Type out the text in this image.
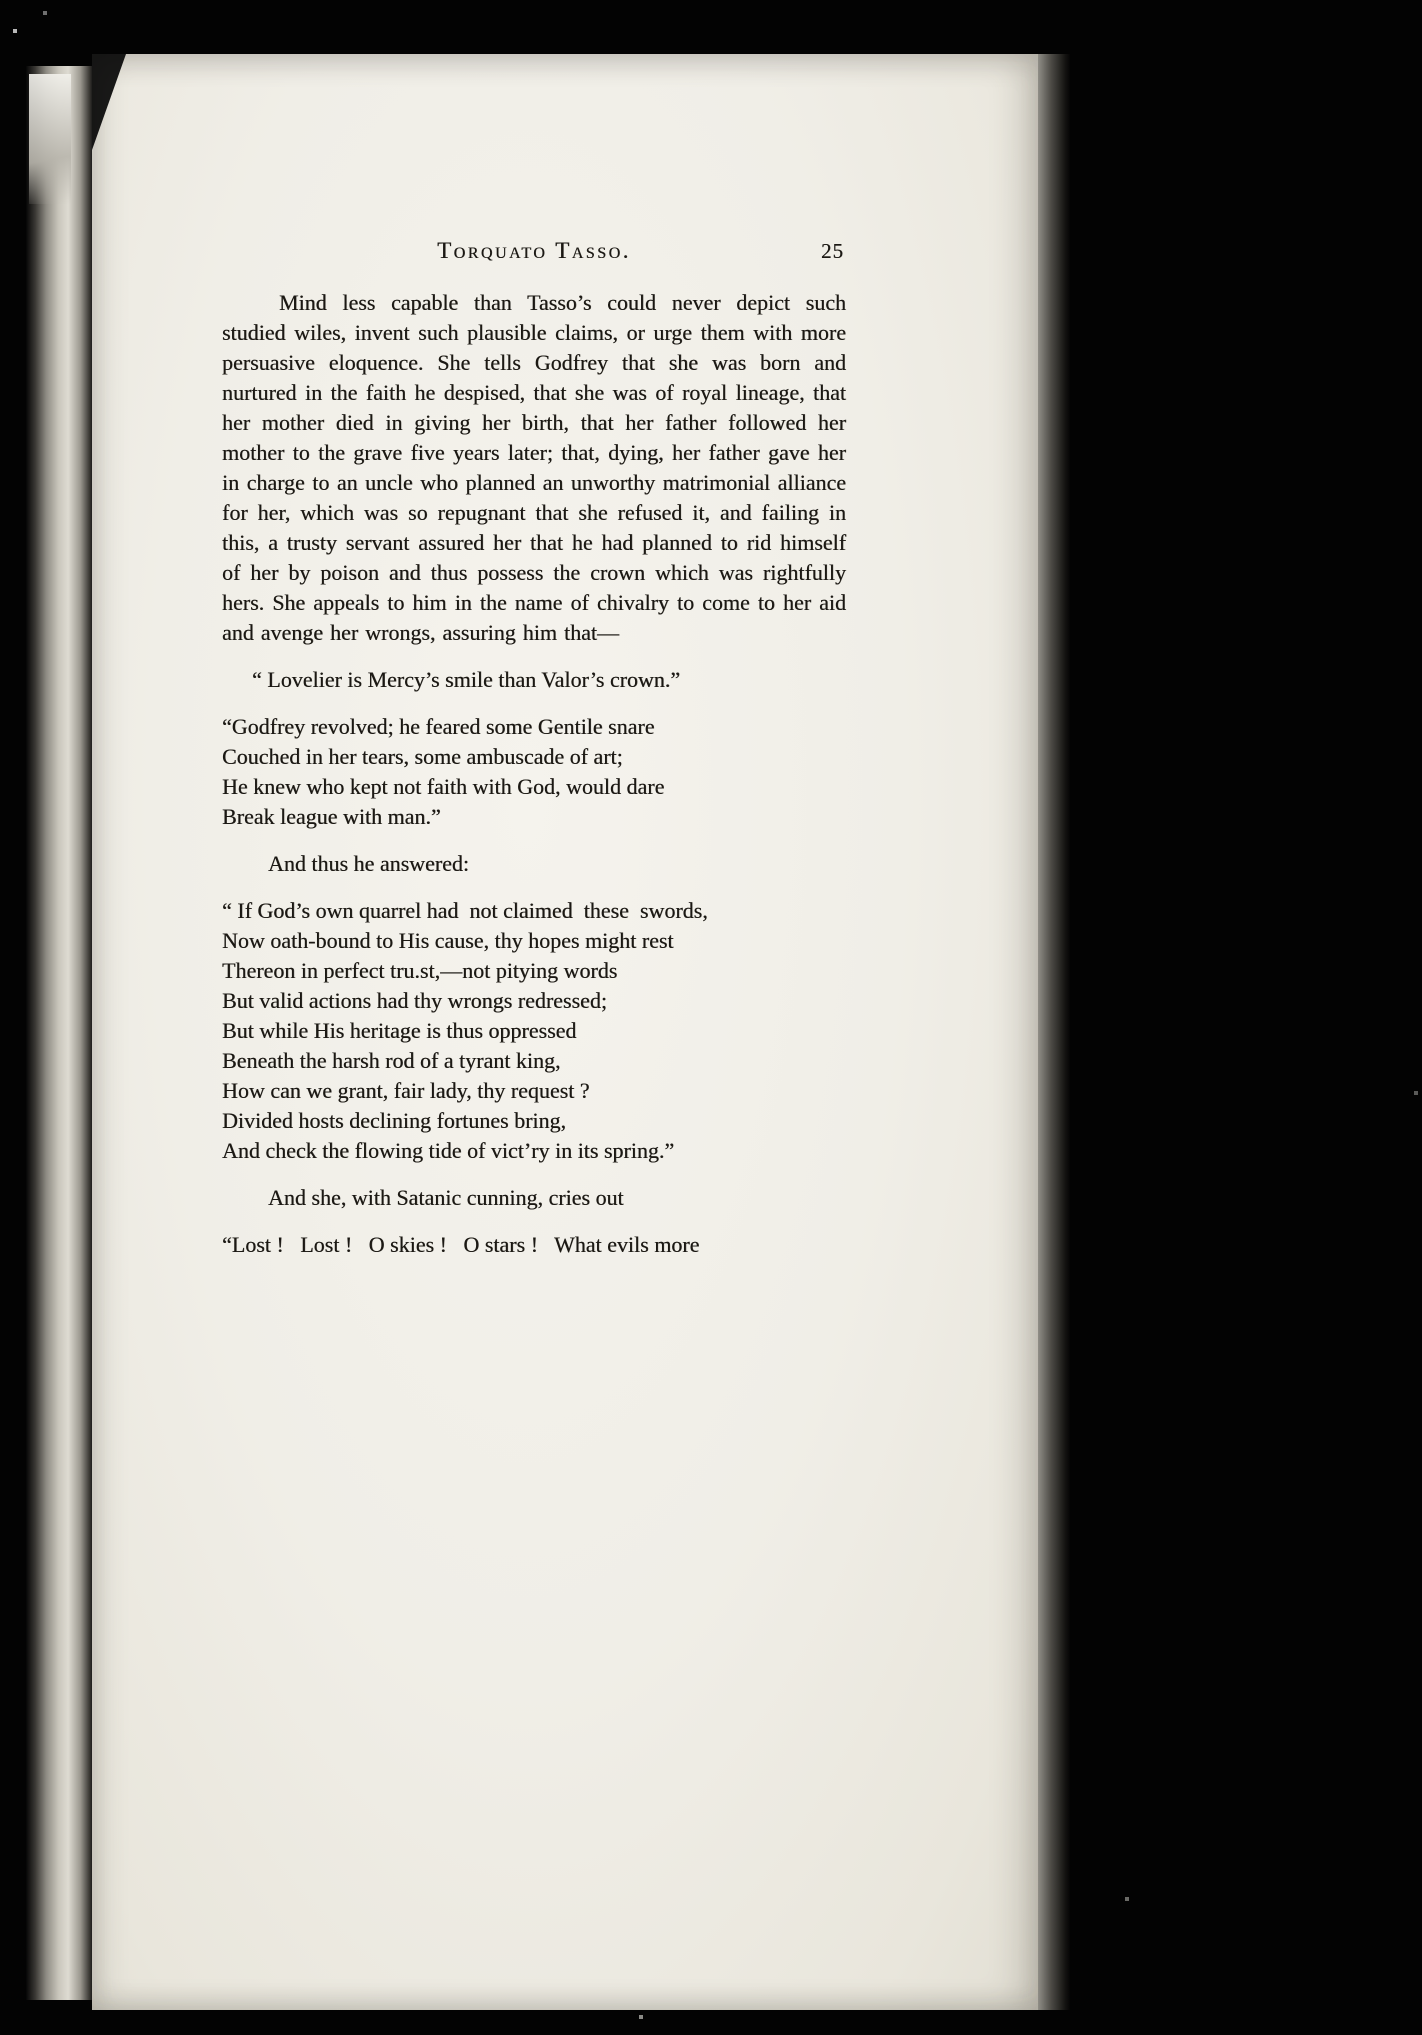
Torquato Tasso.	25

Mind less capable than Tasso’s could never depict such studied wiles, invent such plausible claims, or urge them with more persuasive eloquence. She tells Godfrey that she was born and nurtured in the faith he despised, that she was of royal lineage, that her mother died in giving her birth, that her father followed her mother to the grave five years later; that, dying, her father gave her in charge to an uncle who planned an unworthy matrimonial alliance for her, which was so repugnant that she refused it, and failing in this, a trusty servant assured her that he had planned to rid himself of her by poison and thus possess the crown which was rightfully hers. She appeals to him in the name of chivalry to come to her aid and avenge her wrongs, assuring him that—

“ Lovelier is Mercy’s smile than Valor’s crown.”
“Godfrey revolved; he feared some Gentile snare
Couched in her tears, some ambuscade of art;
He knew who kept not faith with God, would dare
Break league with man.”
And thus he answered:
“ If God’s own quarrel had  not claimed  these  swords,
Now oath-bound to His cause, thy hopes might rest
Thereon in perfect tru.st,—not pitying words
But valid actions had thy wrongs redressed;
But while His heritage is thus oppressed
Beneath the harsh rod of a tyrant king,
How can we grant, fair lady, thy request ?
Divided hosts declining fortunes bring,
And check the flowing tide of vict’ry in its spring.”
And she, with Satanic cunning, cries out
“Lost !   Lost !   O skies !   O stars !   What evils more
